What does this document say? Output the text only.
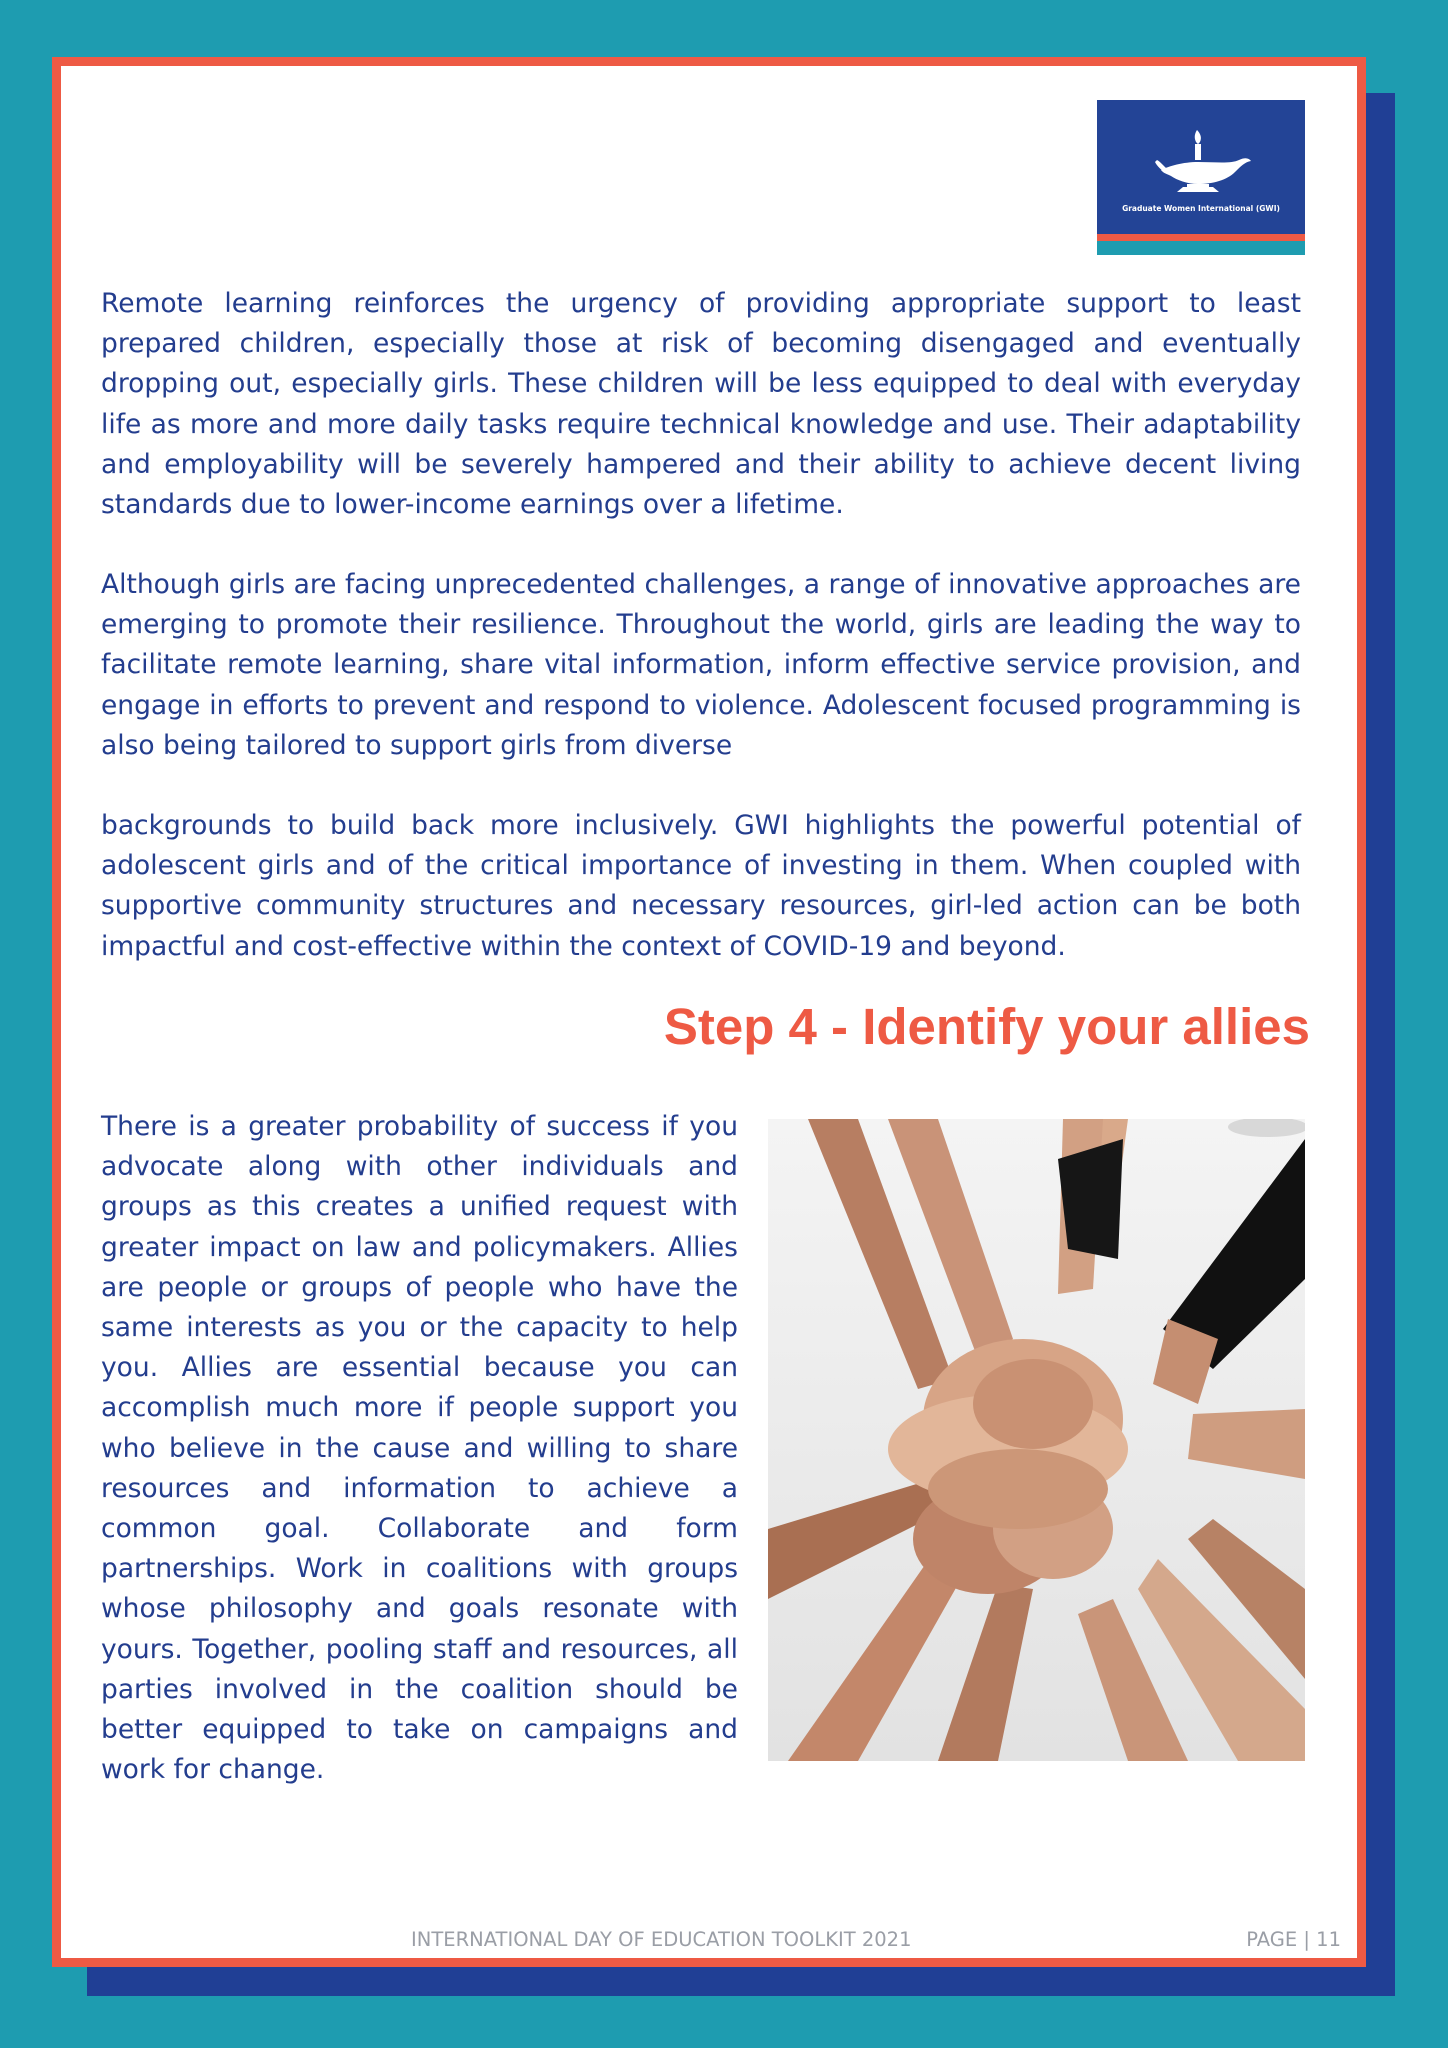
Graduate Women International (GWI)

Remote learning reinforces the urgency of providing appropriate support to least prepared children, especially those at risk of becoming disengaged and eventually dropping out, especially girls. These children will be less equipped to deal with everyday life as more and more daily tasks require technical knowledge and use. Their adaptability and employability will be severely hampered and their ability to achieve decent living standards due to lower-income earnings over a lifetime.

Although girls are facing unprecedented challenges, a range of innovative approaches are emerging to promote their resilience. Throughout the world, girls are leading the way to facilitate remote learning, share vital information, inform effective service provision, and engage in efforts to prevent and respond to violence. Adolescent focused programming is also being tailored to support girls from diverse

backgrounds to build back more inclusively. GWI highlights the powerful potential of adolescent girls and of the critical importance of investing in them. When coupled with supportive community structures and necessary resources, girl-led action can be both impactful and cost-effective within the context of COVID-19 and beyond.

Step 4 - Identify your allies

There is a greater probability of success if you advocate along with other individuals and groups as this creates a unified request with greater impact on law and policymakers. Allies are people or groups of people who have the same interests as you or the capacity to help you. Allies are essential because you can accomplish much more if people support you who believe in the cause and willing to share resources and information to achieve a common goal. Collaborate and form partnerships. Work in coalitions with groups whose philosophy and goals resonate with yours. Together, pooling staff and resources, all parties involved in the coalition should be better equipped to take on campaigns and work for change.

INTERNATIONAL DAY OF EDUCATION TOOLKIT 2021	PAGE | 11
